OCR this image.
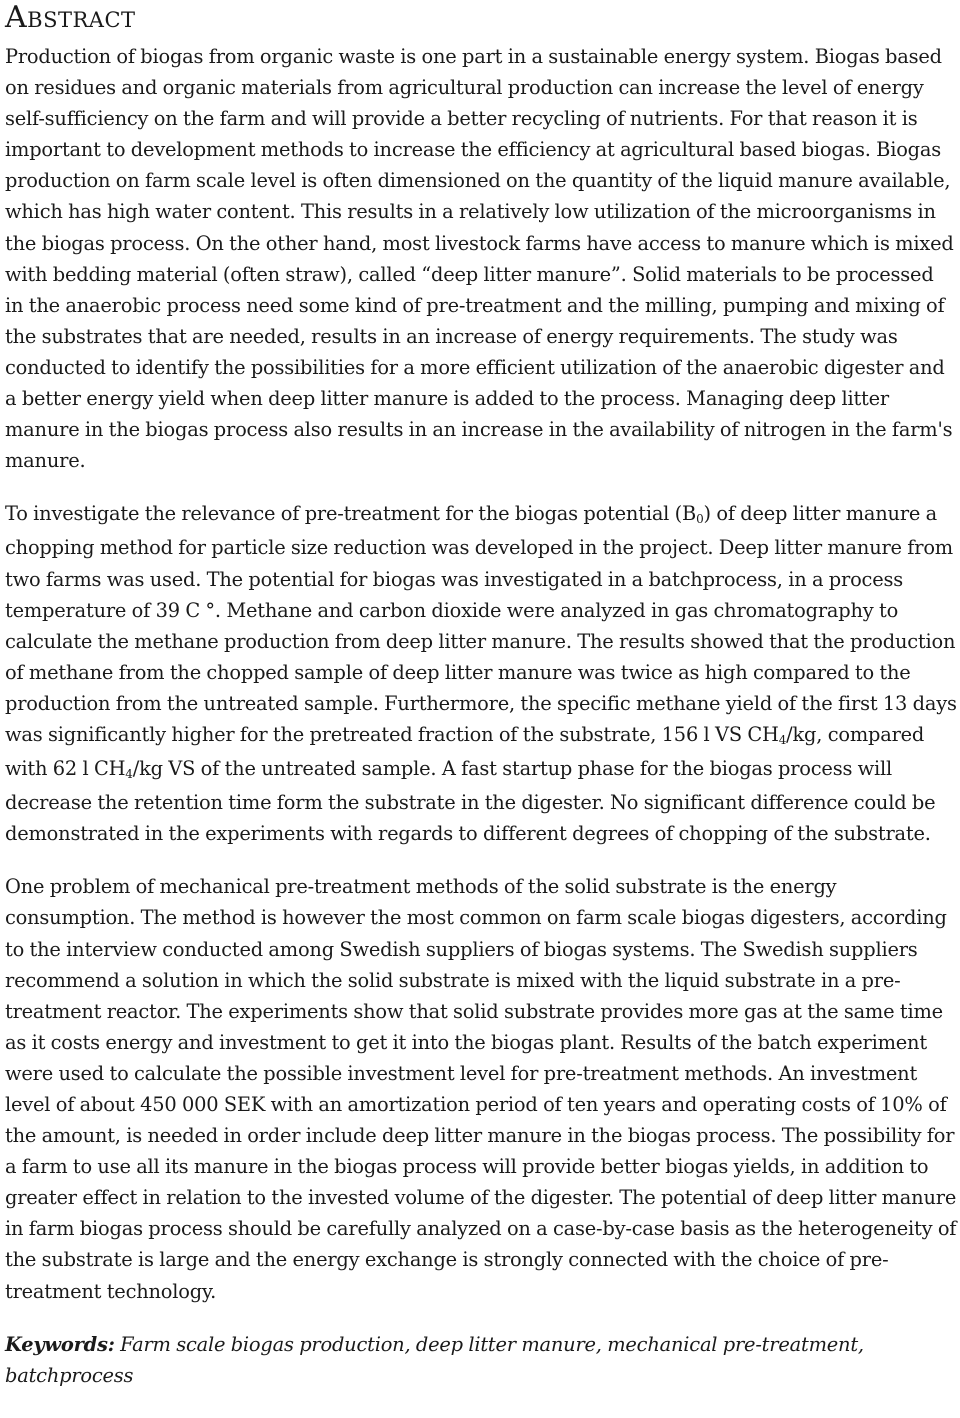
Abstract

Production of biogas from organic waste is one part in a sustainable energy system. Biogas based on residues and organic materials from agricultural production can increase the level of energy self-sufficiency on the farm and will provide a better recycling of nutrients. For that reason it is important to development methods to increase the efficiency at agricultural based biogas. Biogas production on farm scale level is often dimensioned on the quantity of the liquid manure available, which has high water content. This results in a relatively low utilization of the microorganisms in the biogas process. On the other hand, most livestock farms have access to manure which is mixed with bedding material (often straw), called “deep litter manure”. Solid materials to be processed in the anaerobic process need some kind of pre-treatment and the milling, pumping and mixing of the substrates that are needed, results in an increase of energy requirements. The study was conducted to identify the possibilities for a more efficient utilization of the anaerobic digester and a better energy yield when deep litter manure is added to the process. Managing deep litter manure in the biogas process also results in an increase in the availability of nitrogen in the farm's manure.

To investigate the relevance of pre-treatment for the biogas potential (B0) of deep litter manure a chopping method for particle size reduction was developed in the project. Deep litter manure from two farms was used. The potential for biogas was investigated in a batchprocess, in a process temperature of 39 C °. Methane and carbon dioxide were analyzed in gas chromatography to calculate the methane production from deep litter manure. The results showed that the production of methane from the chopped sample of deep litter manure was twice as high compared to the production from the untreated sample. Furthermore, the specific methane yield of the first 13 days was significantly higher for the pretreated fraction of the substrate, 156 l VS CH4/kg, compared with 62 l CH4/kg VS of the untreated sample. A fast startup phase for the biogas process will decrease the retention time form the substrate in the digester. No significant difference could be demonstrated in the experiments with regards to different degrees of chopping of the substrate.

One problem of mechanical pre-treatment methods of the solid substrate is the energy consumption. The method is however the most common on farm scale biogas digesters, according to the interview conducted among Swedish suppliers of biogas systems. The Swedish suppliers recommend a solution in which the solid substrate is mixed with the liquid substrate in a pre-treatment reactor. The experiments show that solid substrate provides more gas at the same time as it costs energy and investment to get it into the biogas plant. Results of the batch experiment were used to calculate the possible investment level for pre-treatment methods. An investment level of about 450 000 SEK with an amortization period of ten years and operating costs of 10% of the amount, is needed in order include deep litter manure in the biogas process. The possibility for a farm to use all its manure in the biogas process will provide better biogas yields, in addition to greater effect in relation to the invested volume of the digester. The potential of deep litter manure in farm biogas process should be carefully analyzed on a case-by-case basis as the heterogeneity of the substrate is large and the energy exchange is strongly connected with the choice of pre-treatment technology.

Keywords: Farm scale biogas production, deep litter manure, mechanical pre-treatment, batchprocess
